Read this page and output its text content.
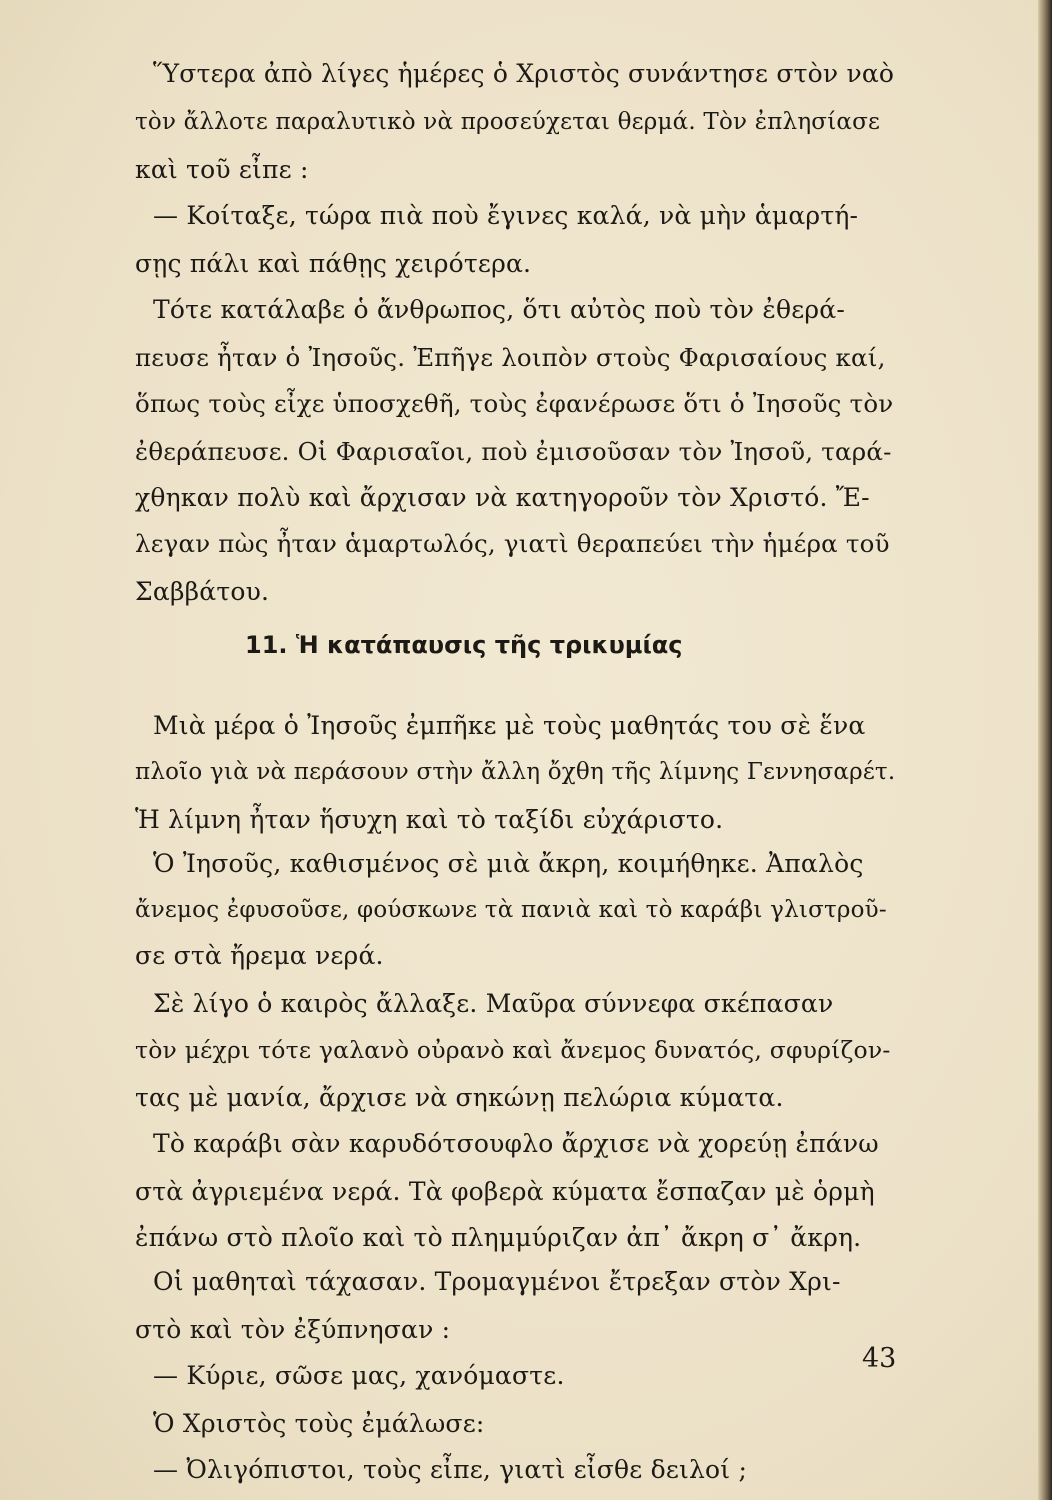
Ὕστερα ἀπὸ λίγες ἡμέρες ὁ Χριστὸς συνάντησε στὸν ναὸ
τὸν ἄλλοτε παραλυτικὸ νὰ προσεύχεται θερμά. Τὸν ἐπλησίασε
καὶ τοῦ εἶπε :
— Κοίταξε, τώρα πιὰ ποὺ ἔγινες καλά, νὰ μὴν ἁμαρτή-
σῃς πάλι καὶ πάθῃς χειρότερα.
Τότε κατάλαβε ὁ ἄνθρωπος, ὅτι αὐτὸς ποὺ τὸν ἐθερά-
πευσε ἦταν ὁ Ἰησοῦς. Ἐπῆγε λοιπὸν στοὺς Φαρισαίους καί,
ὅπως τοὺς εἶχε ὑποσχεθῆ, τοὺς ἐφανέρωσε ὅτι ὁ Ἰησοῦς τὸν
ἐθεράπευσε. Οἱ Φαρισαῖοι, ποὺ ἐμισοῦσαν τὸν Ἰησοῦ, ταρά-
χθηκαν πολὺ καὶ ἄρχισαν νὰ κατηγοροῦν τὸν Χριστό. Ἔ-
λεγαν πὼς ἦταν ἁμαρτωλός, γιατὶ θεραπεύει τὴν ἡμέρα τοῦ
Σαββάτου.
11. Ἡ κατάπαυσις τῆς τρικυμίας
Μιὰ μέρα ὁ Ἰησοῦς ἐμπῆκε μὲ τοὺς μαθητάς του σὲ ἕνα
πλοῖο γιὰ νὰ περάσουν στὴν ἄλλη ὄχθη τῆς λίμνης Γεννησαρέτ.
Ἡ λίμνη ἦταν ἥσυχη καὶ τὸ ταξίδι εὐχάριστο.
Ὁ Ἰησοῦς, καθισμένος σὲ μιὰ ἄκρη, κοιμήθηκε. Ἀπαλὸς
ἄνεμος ἐφυσοῦσε, φούσκωνε τὰ πανιὰ καὶ τὸ καράβι γλιστροῦ-
σε στὰ ἤρεμα νερά.
Σὲ λίγο ὁ καιρὸς ἄλλαξε. Μαῦρα σύννεφα σκέπασαν
τὸν μέχρι τότε γαλανὸ οὐρανὸ καὶ ἄνεμος δυνατός, σφυρίζον-
τας μὲ μανία, ἄρχισε νὰ σηκώνῃ πελώρια κύματα.
Τὸ καράβι σὰν καρυδότσουφλο ἄρχισε νὰ χορεύῃ ἐπάνω
στὰ ἀγριεμένα νερά. Τὰ φοβερὰ κύματα ἔσπαζαν μὲ ὁρμὴ
ἐπάνω στὸ πλοῖο καὶ τὸ πλημμύριζαν ἀπ᾿ ἄκρη σ᾿ ἄκρη.
Οἱ μαθηταὶ τάχασαν. Τρομαγμένοι ἔτρεξαν στὸν Χρι-
στὸ καὶ τὸν ἐξύπνησαν :
— Κύριε, σῶσε μας, χανόμαστε.
Ὁ Χριστὸς τοὺς ἐμάλωσε:
— Ὀλιγόπιστοι, τοὺς εἶπε, γιατὶ εἶσθε δειλοί ;
43
